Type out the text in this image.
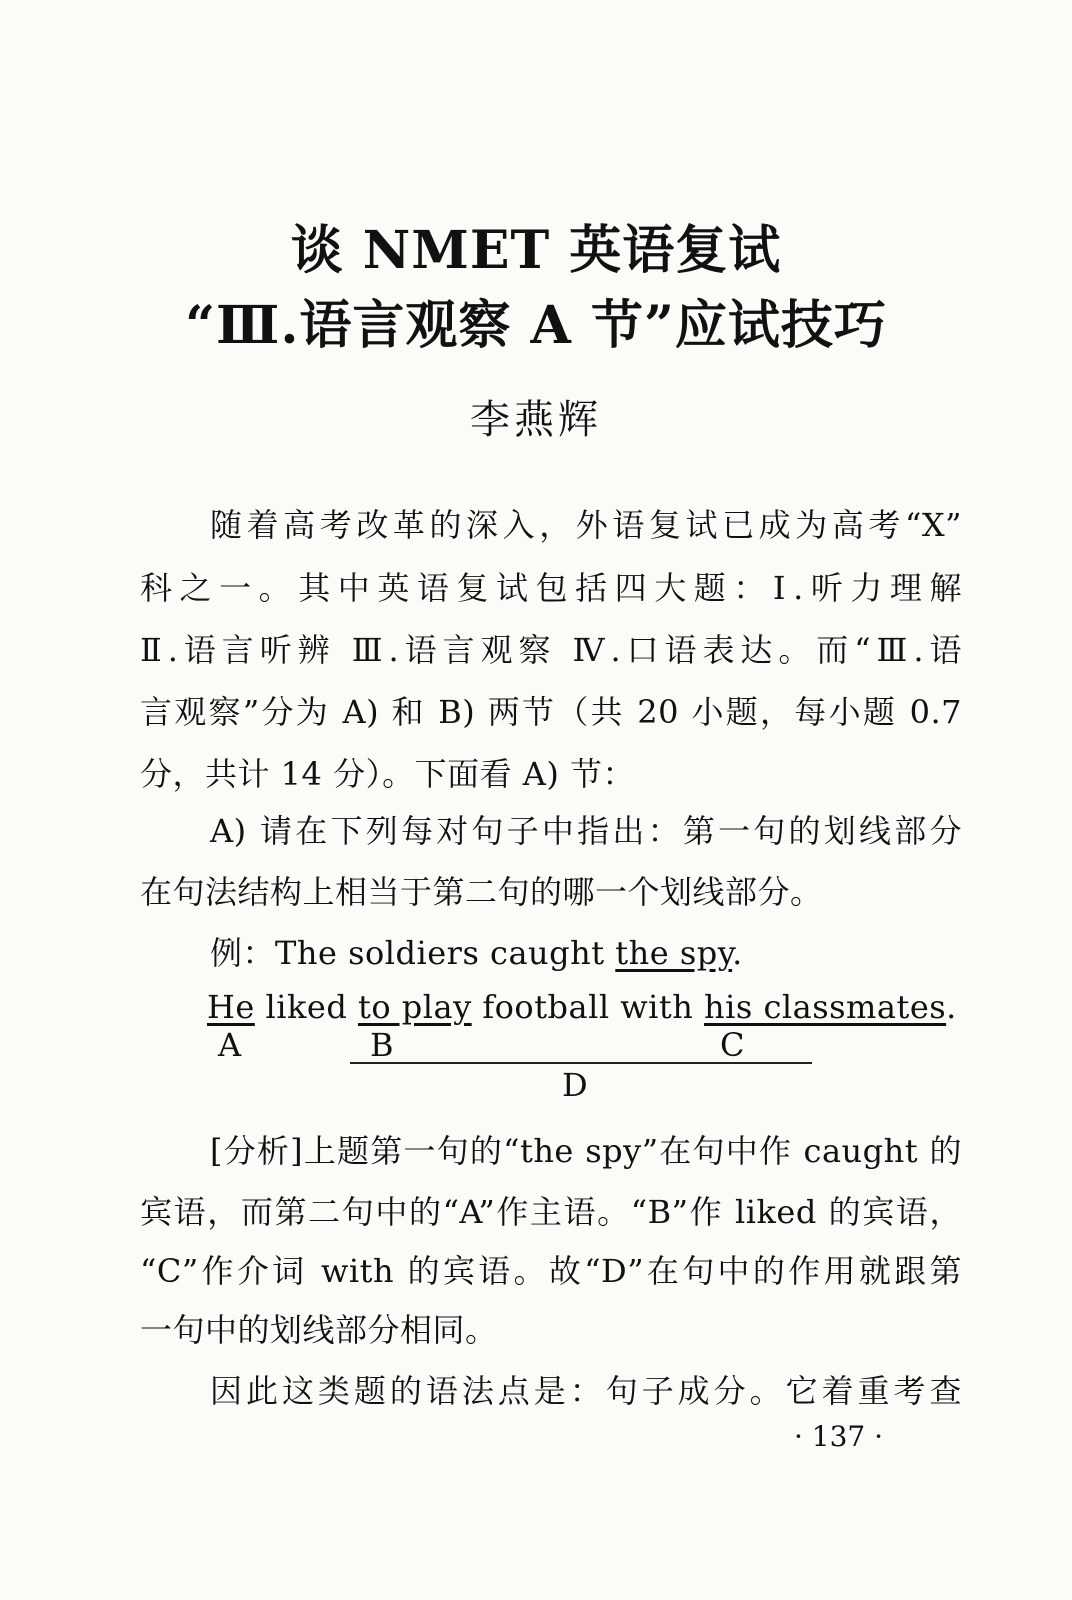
谈 NMET 英语复试
“Ⅲ.语言观察 A 节”应试技巧
李燕辉
随着高考改革的深入，外语复试已成为高考“X”
科之一。其中英语复试包括四大题：Ⅰ.听力理解
Ⅱ.语言听辨 Ⅲ.语言观察 Ⅳ.口语表达。而“Ⅲ.语
言观察”分为 A) 和 B) 两节（共 20 小题，每小题 0.7
分，共计 14 分）。下面看 A) 节：
A) 请在下列每对句子中指出：第一句的划线部分
在句法结构上相当于第二句的哪一个划线部分。
例：The soldiers caught the spy.
He liked to play football with his classmates.
A	B	C
D
[分析]上题第一句的“the spy”在句中作 caught 的
宾语，而第二句中的“A”作主语。“B”作 liked 的宾语，
“C”作介词 with 的宾语。故“D”在句中的作用就跟第
一句中的划线部分相同。
因此这类题的语法点是：句子成分。它着重考查
· 137 ·
